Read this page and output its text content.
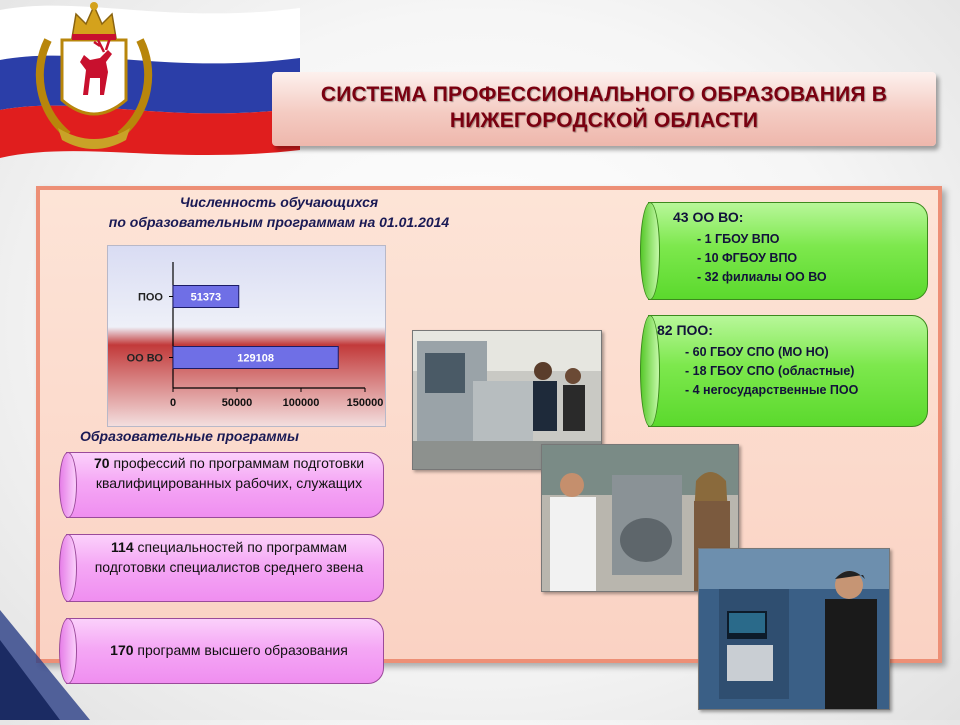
СИСТЕМА ПРОФЕССИОНАЛЬНОГО ОБРАЗОВАНИЯ В
НИЖЕГОРОДСКОЙ ОБЛАСТИ
Численность обучающихся
по образовательным программам на 01.01.2014
51373
ПОО
129108
ОО ВО
0	50000	100000 150000
Образовательные программы
70 профессий по программам подготовки квалифицированных рабочих, служащих
114 специальностей по программам подготовки специалистов среднего звена
170 программ высшего образования
43 ОО ВО:
- 1 ГБОУ ВПО
- 10 ФГБОУ ВПО
- 32 филиалы ОО ВО
82 ПОО:
- 60 ГБОУ СПО (МО НО)
- 18 ГБОУ СПО (областные)
- 4 негосударственные ПОО
